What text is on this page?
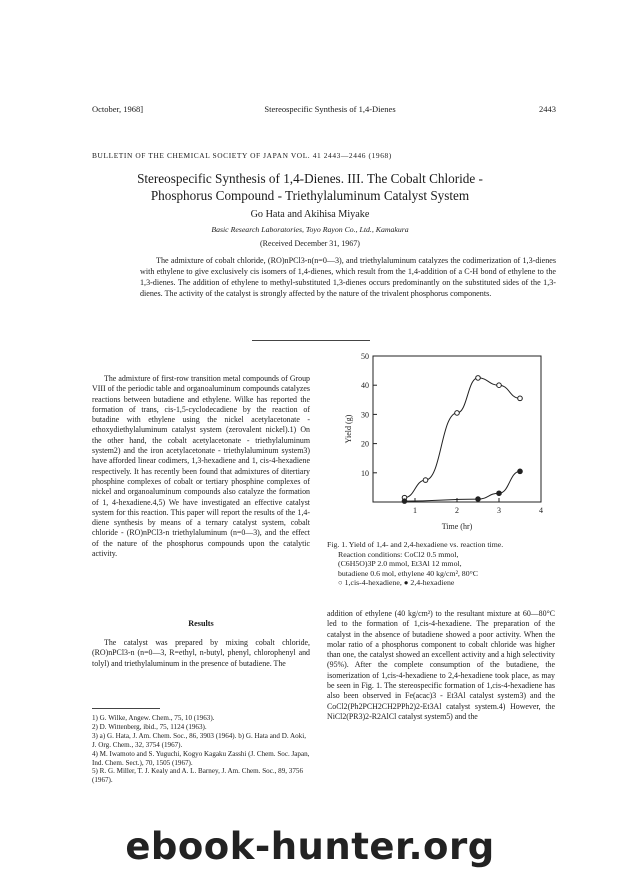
October, 1968]	Stereospecific Synthesis of 1,4-Dienes	2443
BULLETIN OF THE CHEMICAL SOCIETY OF JAPAN VOL. 41 2443—2446 (1968)
Stereospecific Synthesis of 1,4-Dienes. III. The Cobalt Chloride -
Phosphorus Compound - Triethylaluminum Catalyst System
Go Hata and Akihisa Miyake
Basic Research Laboratories, Toyo Rayon Co., Ltd., Kamakura
(Received December 31, 1967)

The admixture of cobalt chloride, (RO)nPCl3-n(n=0—3), and triethylaluminum catalyzes the codimerization of 1,3-dienes with ethylene to give exclusively cis isomers of 1,4-dienes, which result from the 1,4-addition of a C-H bond of ethylene to the 1,3-dienes. The addition of ethylene to methyl-substituted 1,3-dienes occurs predominantly on the substituted sides of the 1,3-dienes. The activity of the catalyst is strongly affected by the nature of the trivalent phosphorus components.

The admixture of first-row transition metal compounds of Group VIII of the periodic table and organoaluminum compounds catalyzes reactions between butadiene and ethylene. Wilke has reported the formation of trans, cis-1,5-cyclodecadiene by the reaction of butadine with ethylene using the nickel acetylacetonate - ethoxydiethylaluminum catalyst system (zerovalent nickel).1) On the other hand, the cobalt acetylacetonate - triethylaluminum system2) and the iron acetylacetonate - triethylaluminum system3) have afforded linear codimers, 1,3-hexadiene and 1, cis-4-hexadiene respectively. It has recently been found that admixtures of ditertiary phosphine complexes of cobalt or tertiary phosphine complexes of nickel and organoaluminum compounds also catalyze the formation of 1, 4-hexadiene.4,5) We have investigated an effective catalyst system for this reaction. This paper will report the results of the 1,4-diene synthesis by means of a ternary catalyst system, cobalt chloride - (RO)nPCl3-n triethylaluminum (n=0—3), and the effect of the nature of the phosphorus compounds upon the catalytic activity.

Results

The catalyst was prepared by mixing cobalt chloride, (RO)nPCl3-n (n=0—3, R=ethyl, n-butyl, phenyl, chlorophenyl and tolyl) and triethylaluminum in the presence of butadiene. The

1) G. Wilke, Angew. Chem., 75, 10 (1963).
2) D. Wittenberg, ibid., 75, 1124 (1963).
3) a) G. Hata, J. Am. Chem. Soc., 86, 3903 (1964). b) G. Hata and D. Aoki, J. Org. Chem., 32, 3754 (1967).
4) M. Iwamoto and S. Yuguchi, Kogyo Kagaku Zasshi (J. Chem. Soc. Japan, Ind. Chem. Sect.), 70, 1505 (1967).
5) R. G. Miller, T. J. Kealy and A. L. Barney, J. Am. Chem. Soc., 89, 3756 (1967).
10
20
30
40
50
1	2	3	4
Time (hr)
Yield (g)
Fig. 1. Yield of 1,4- and 2,4-hexadiene vs. reaction time.
Reaction conditions: CoCl2 0.5 mmol,
(C6H5O)3P 2.0 mmol, Et3Al 12 mmol,
butadiene 0.6 mol, ethylene 40 kg/cm², 80°C
○ 1,cis-4-hexadiene, ● 2,4-hexadiene

addition of ethylene (40 kg/cm²) to the resultant mixture at 60—80°C led to the formation of 1,cis-4-hexadiene. The preparation of the catalyst in the absence of butadiene showed a poor activity. When the molar ratio of a phosphorus component to cobalt chloride was higher than one, the catalyst showed an excellent activity and a high selectivity (95%). After the complete consumption of the butadiene, the isomerization of 1,cis-4-hexadiene to 2,4-hexadiene took place, as may be seen in Fig. 1. The stereospecific formation of 1,cis-4-hexadiene has also been observed in Fe(acac)3 - Et3Al catalyst system3) and the CoCl2(Ph2PCH2CH2PPh2)2-Et3Al catalyst system.4) However, the NiCl2(PR3)2-R2AlCl catalyst system5) and the

ebook-hunter.org
